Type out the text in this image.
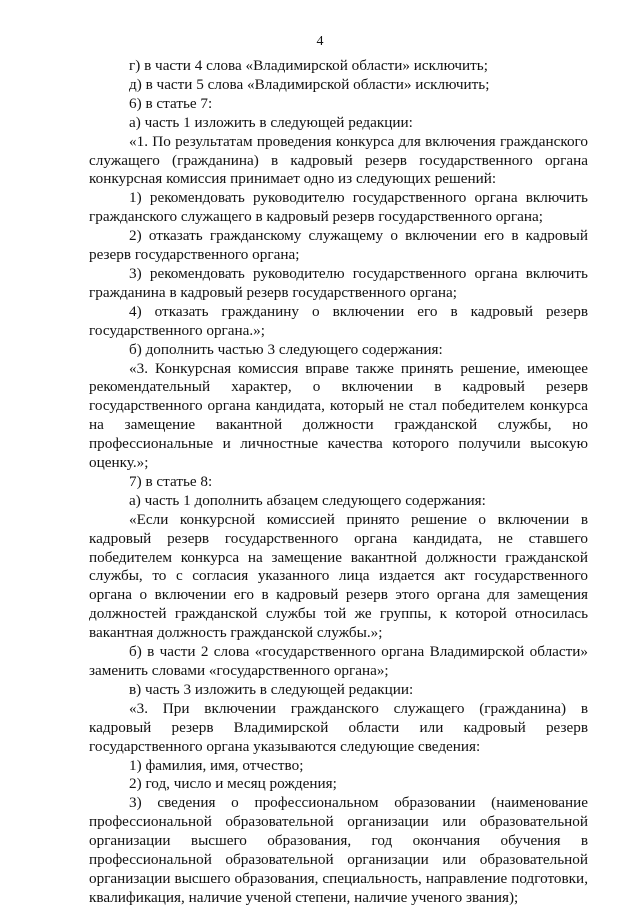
4

г) в части 4 слова «Владимирской области» исключить;

д) в части 5 слова «Владимирской области» исключить;

6) в статье 7:

а) часть 1 изложить в следующей редакции:

«1. По результатам проведения конкурса для включения гражданского служащего (гражданина) в кадровый резерв государственного органа конкурсная комиссия принимает одно из следующих решений:

1) рекомендовать руководителю государственного органа включить гражданского служащего в кадровый резерв государственного органа;

2) отказать гражданскому служащему о включении его в кадровый резерв государственного органа;

3) рекомендовать руководителю государственного органа включить гражданина в кадровый резерв государственного органа;

4) отказать гражданину о включении его в кадровый резерв государственного органа.»;

б) дополнить частью 3 следующего содержания:

«3. Конкурсная комиссия вправе также принять решение, имеющее рекомендательный характер, о включении в кадровый резерв государственного органа кандидата, который не стал победителем конкурса на замещение вакантной должности гражданской службы, но профессиональные и личностные качества которого получили высокую оценку.»;

7) в статье 8:

а) часть 1 дополнить абзацем следующего содержания:

«Если конкурсной комиссией принято решение о включении в кадровый резерв государственного органа кандидата, не ставшего победителем конкурса на замещение вакантной должности гражданской службы, то с согласия указанного лица издается акт государственного органа о включении его в кадровый резерв этого органа для замещения должностей гражданской службы той же группы, к которой относилась вакантная должность гражданской службы.»;

б) в части 2 слова «государственного органа Владимирской области» заменить словами «государственного органа»;

в) часть 3 изложить в следующей редакции:

«3. При включении гражданского служащего (гражданина) в кадровый резерв Владимирской области или кадровый резерв государственного органа указываются следующие сведения:

1) фамилия, имя, отчество;

2) год, число и месяц рождения;

3) сведения о профессиональном образовании (наименование профессиональной образовательной организации или образовательной организации высшего образования, год окончания обучения в профессиональной образовательной организации или образовательной организации высшего образования, специальность, направление подготовки, квалификация, наличие ученой степени, наличие ученого звания);
